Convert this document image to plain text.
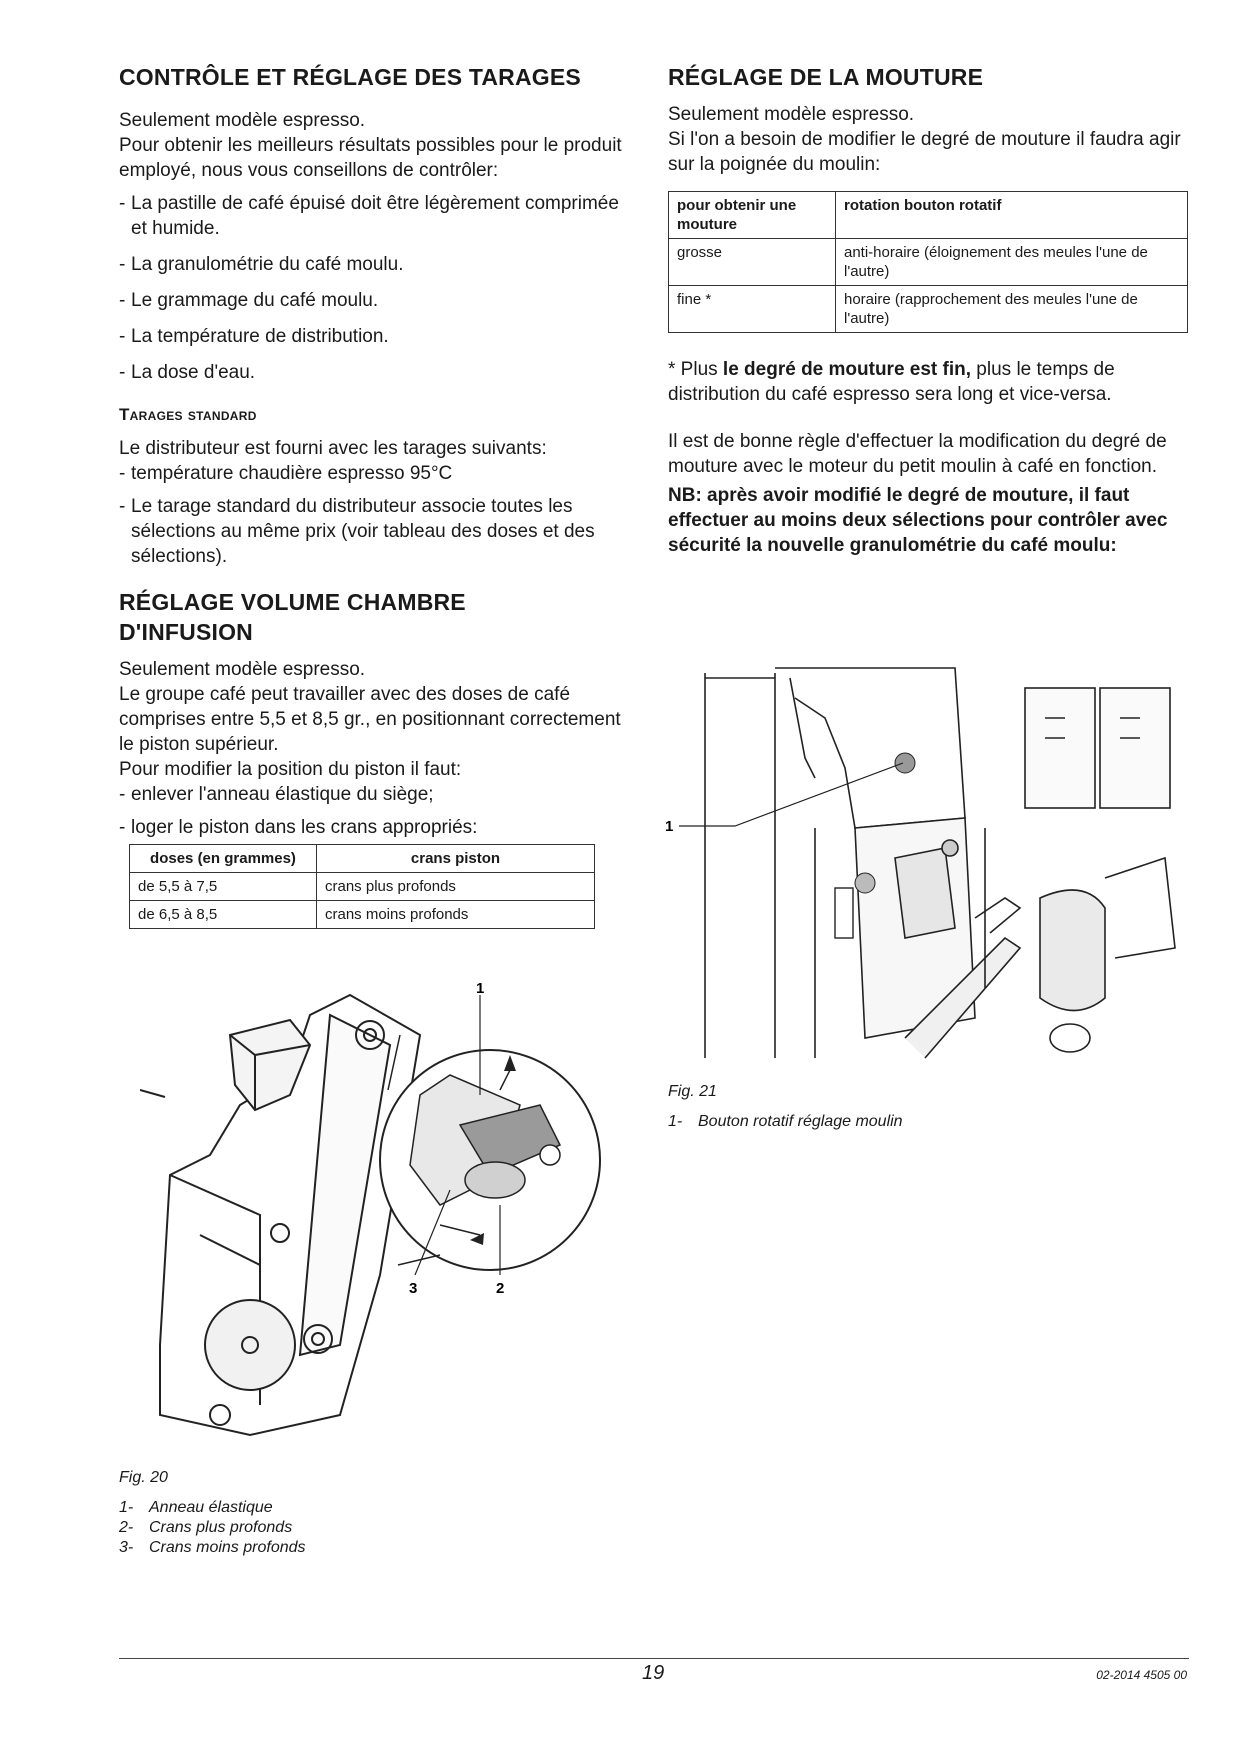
CONTRÔLE ET RÉGLAGE DES TARAGES

Seulement modèle espresso.

Pour obtenir les meilleurs résultats possibles pour le produit employé, nous vous conseillons de contrôler:

- La pastille de café épuisé doit être légèrement comprimée et humide.
- La granulométrie du café moulu.
- Le grammage du café moulu.
- La température de distribution.
- La dose d'eau.
Tarages standard

Le distributeur est fourni avec les tarages suivants:

- température chaudière espresso 95°C
- Le tarage standard du distributeur associe toutes les sélections au même prix (voir tableau des doses et des sélections).
RÉGLAGE VOLUME CHAMBRE
D'INFUSION

Seulement modèle espresso.

Le groupe café peut travailler avec des doses de café comprises entre 5,5 et 8,5 gr., en positionnant correctement le piston supérieur.

Pour modifier la position du piston il faut:

- enlever l'anneau élastique du siège;
- loger le piston dans les crans appropriés:
doses (en grammes)	crans piston
de 5,5 à 7,5	crans plus profonds
de 6,5 à 8,5	crans moins profonds
1
2
3
Fig. 20
1- Anneau élastique
2- Crans plus profonds
3- Crans moins profonds
RÉGLAGE DE LA MOUTURE

Seulement modèle espresso.

Si l'on a besoin de modifier le degré de mouture il faudra agir sur la poignée du moulin:

pour obtenir une mouture	rotation bouton rotatif
grosse	anti-horaire (éloignement des meules l'une de l'autre)
fine *	horaire (rapprochement des meules l'une de l'autre)

* Plus le degré de mouture est fin, plus le temps de distribution du café espresso sera long et vice-versa.

Il est de bonne règle d'effectuer la modification du degré de mouture avec le moteur du petit moulin à café en fonction.

NB: après avoir modifié le degré de mouture, il faut effectuer au moins deux sélections pour contrôler avec sécurité la nouvelle granulométrie du café moulu:

1
Fig. 21
1- Bouton rotatif réglage moulin
19	02-2014 4505 00
